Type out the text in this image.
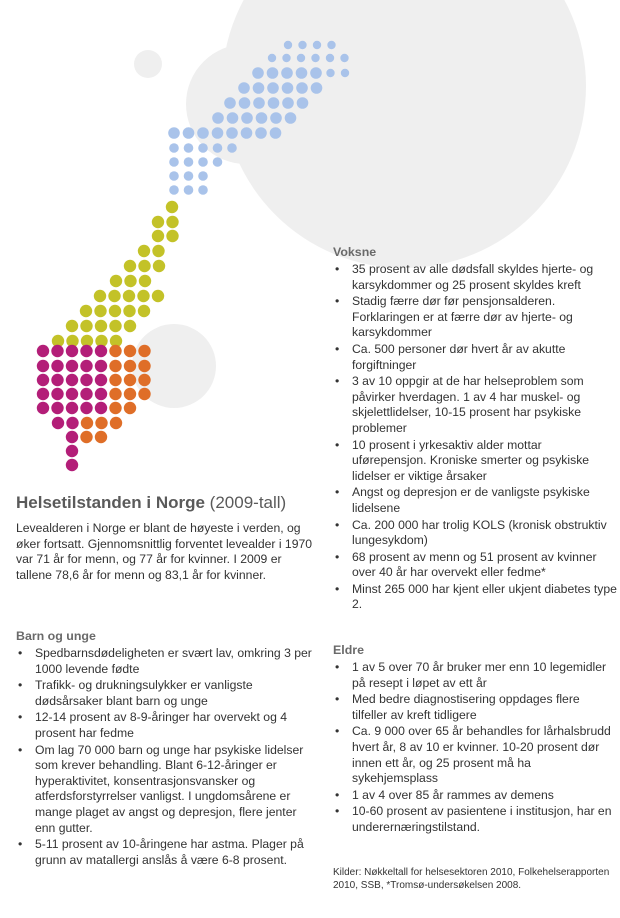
Helsetilstanden i Norge (2009-tall)

Levealderen i Norge er blant de høyeste i verden, og øker fortsatt. Gjennomsnittlig forventet levealder i 1970 var 71 år for menn, og 77 år for kvinner. I 2009 er tallene 78,6 år for menn og 83,1 år for kvinner.

Barn og unge
• Spedbarnsdødeligheten er svært lav, omkring 3 per 1000 levende fødte
• Trafikk- og drukningsulykker er vanligste dødsårsaker blant barn og unge
• 12-14 prosent av 8-9-åringer har overvekt og 4 prosent har fedme
• Om lag 70 000 barn og unge har psykiske lidelser som krever behandling. Blant 6-12-åringer er hyperaktivitet, konsentrasjonsvansker og atferdsforstyrrelser vanligst. I ungdomsårene er mange plaget av angst og depresjon, flere jenter enn gutter.
• 5-11 prosent av 10-åringene har astma. Plager på grunn av matallergi anslås å være 6-8 prosent.
Voksne
• 35 prosent av alle dødsfall skyldes hjerte- og karsykdommer og 25 prosent skyldes kreft
• Stadig færre dør før pensjonsalderen. Forklaringen er at færre dør av hjerte- og karsykdommer
• Ca. 500 personer dør hvert år av akutte forgiftninger
• 3 av 10 oppgir at de har helseproblem som påvirker hverdagen. 1 av 4 har muskel- og skjelettlidelser, 10-15 prosent har psykiske problemer
• 10 prosent i yrkesaktiv alder mottar uførepensjon. Kroniske smerter og psykiske lidelser er viktige årsaker
• Angst og depresjon er de vanligste psykiske lidelsene
• Ca. 200 000 har trolig KOLS (kronisk obstruktiv lungesykdom)
• 68 prosent av menn og 51 prosent av kvinner over 40 år har overvekt eller fedme*
• Minst 265 000 har kjent eller ukjent diabetes type 2.
Eldre
• 1 av 5 over 70 år bruker mer enn 10 legemidler på resept i løpet av ett år
• Med bedre diagnostisering oppdages flere tilfeller av kreft tidligere
• Ca. 9 000 over 65 år behandles for lårhalsbrudd hvert år, 8 av 10 er kvinner. 10-20 prosent dør innen ett år, og 25 prosent må ha sykehjemsplass
• 1 av 4 over 85 år rammes av demens
• 10-60 prosent av pasientene i institusjon, har en underernæringstilstand.
Kilder: Nøkkeltall for helsesektoren 2010, Folkehelserapporten 2010, SSB, *Tromsø-undersøkelsen 2008.
